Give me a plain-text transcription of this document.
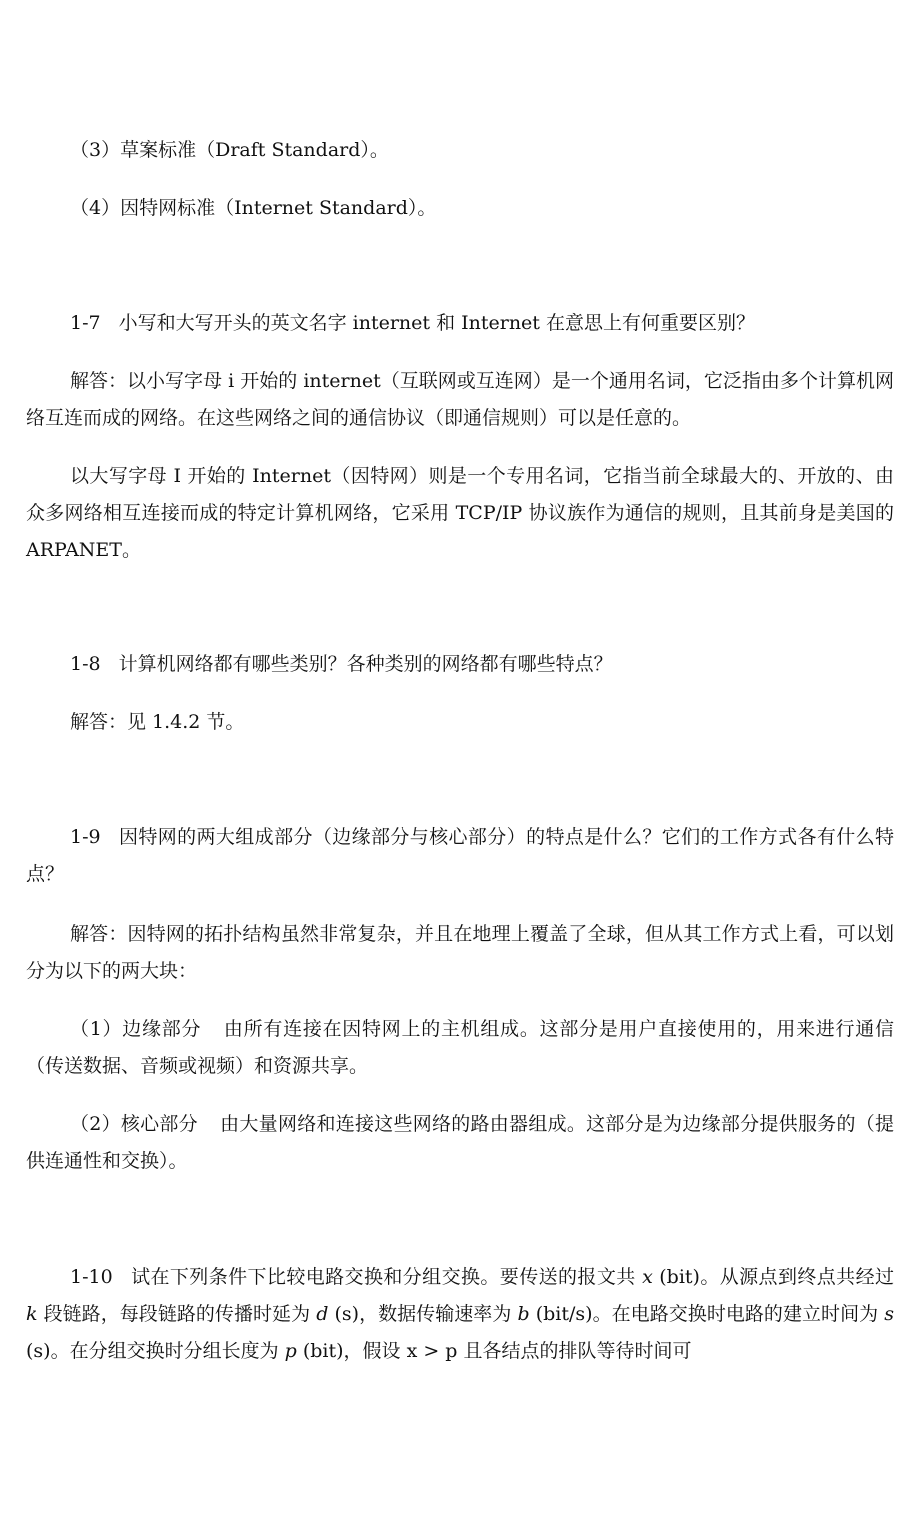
（3）草案标准（Draft Standard）。

（4）因特网标准（Internet Standard）。

1-7 小写和大写开头的英文名字 internet 和 Internet 在意思上有何重要区别？

解答：以小写字母 i 开始的 internet（互联网或互连网）是一个通用名词，它泛指由多个计算机网络互连而成的网络。在这些网络之间的通信协议（即通信规则）可以是任意的。

以大写字母 I 开始的 Internet（因特网）则是一个专用名词，它指当前全球最大的、开放的、由众多网络相互连接而成的特定计算机网络，它采用 TCP/IP 协议族作为通信的规则，且其前身是美国的 ARPANET。

1-8 计算机网络都有哪些类别？各种类别的网络都有哪些特点？

解答：见 1.4.2 节。

1-9 因特网的两大组成部分（边缘部分与核心部分）的特点是什么？它们的工作方式各有什么特点？

解答：因特网的拓扑结构虽然非常复杂，并且在地理上覆盖了全球，但从其工作方式上看，可以划分为以下的两大块：

（1）边缘部分 由所有连接在因特网上的主机组成。这部分是用户直接使用的，用来进行通信（传送数据、音频或视频）和资源共享。

（2）核心部分 由大量网络和连接这些网络的路由器组成。这部分是为边缘部分提供服务的（提供连通性和交换）。

1-10 试在下列条件下比较电路交换和分组交换。要传送的报文共 x (bit)。从源点到终点共经过 k 段链路，每段链路的传播时延为 d (s)，数据传输速率为 b (bit/s)。在电路交换时电路的建立时间为 s (s)。在分组交换时分组长度为 p (bit)，假设 x > p 且各结点的排队等待时间可
